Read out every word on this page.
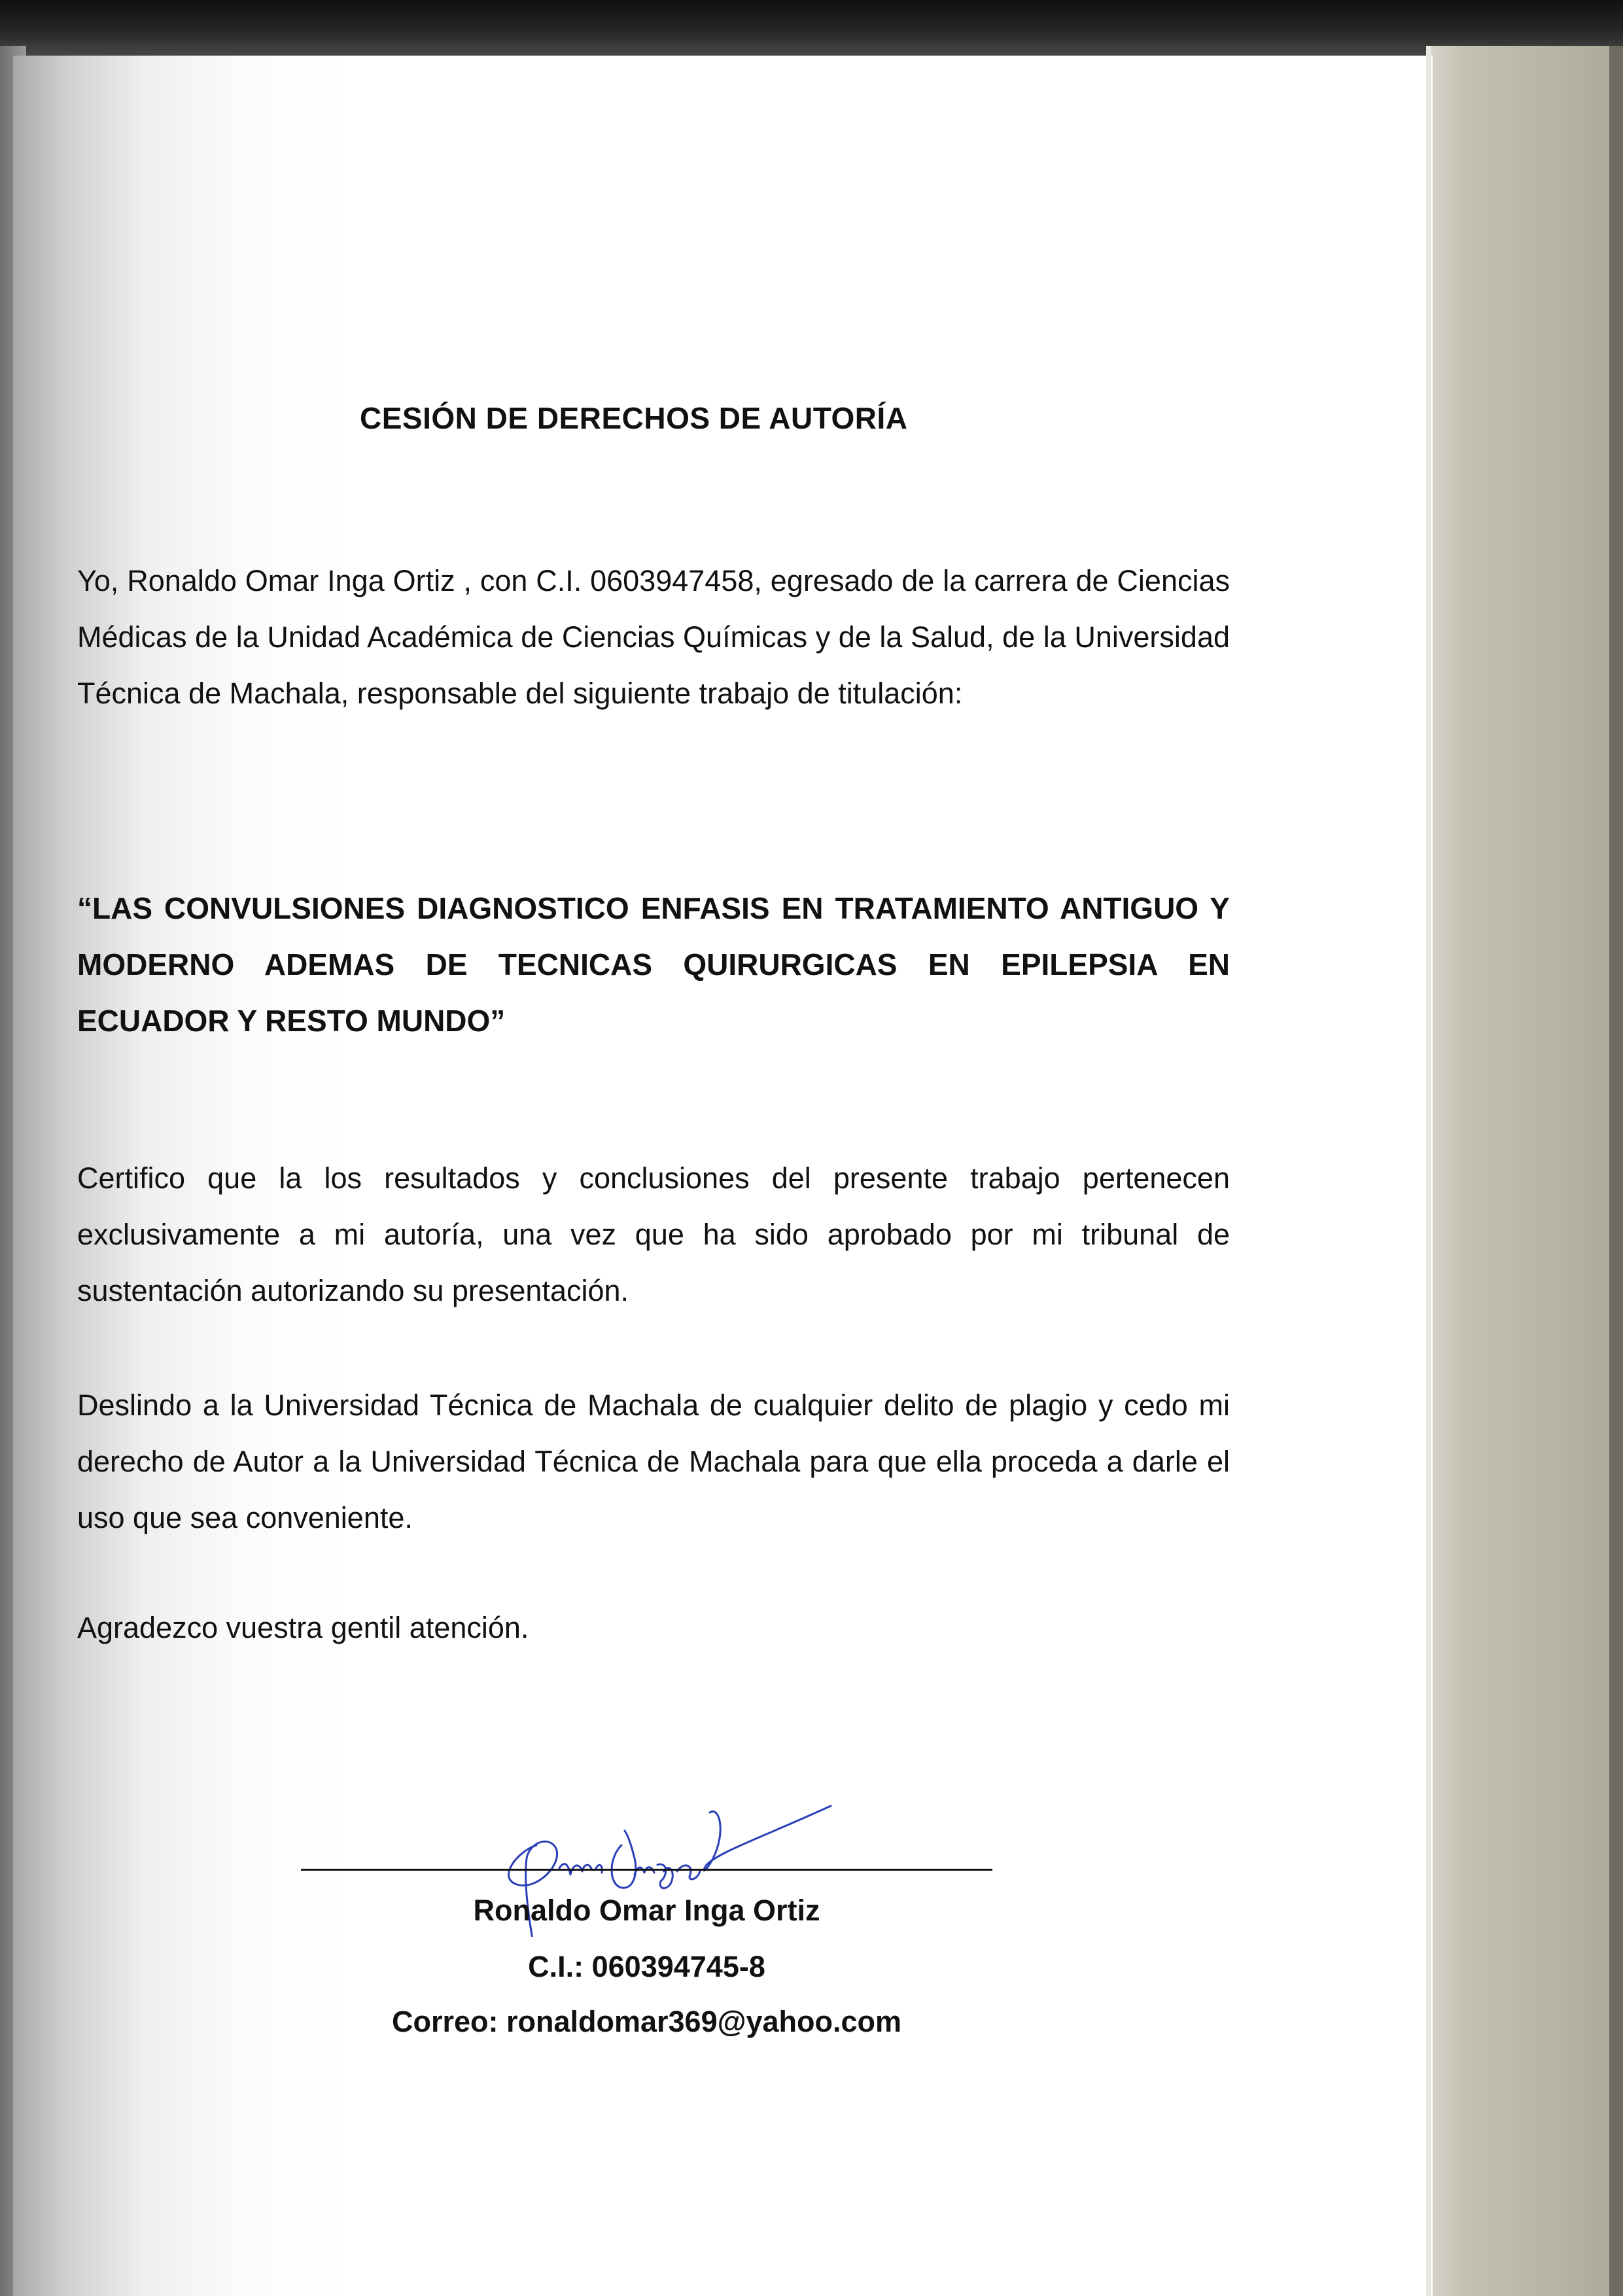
CESIÓN DE DERECHOS DE AUTORÍA
Yo, Ronaldo Omar Inga Ortiz , con C.I. 0603947458, egresado de la carrera de Ciencias Médicas de la Unidad Académica de Ciencias Químicas y de la Salud, de la Universidad Técnica de Machala, responsable del siguiente trabajo de titulación:
“LAS CONVULSIONES DIAGNOSTICO ENFASIS EN TRATAMIENTO ANTIGUO Y MODERNO ADEMAS DE TECNICAS QUIRURGICAS EN EPILEPSIA EN ECUADOR Y RESTO MUNDO”
Certifico que la los resultados y conclusiones del presente trabajo pertenecen exclusivamente a mi autoría, una vez que ha sido aprobado por mi tribunal de sustentación autorizando su presentación.
Deslindo a la Universidad Técnica de Machala de cualquier delito de plagio y cedo mi derecho de Autor a la Universidad Técnica de Machala para que ella proceda a darle el uso que sea conveniente.
Agradezco vuestra gentil atención.
Ronaldo Omar Inga Ortiz
C.I.: 060394745-8
Correo: ronaldomar369@yahoo.com
